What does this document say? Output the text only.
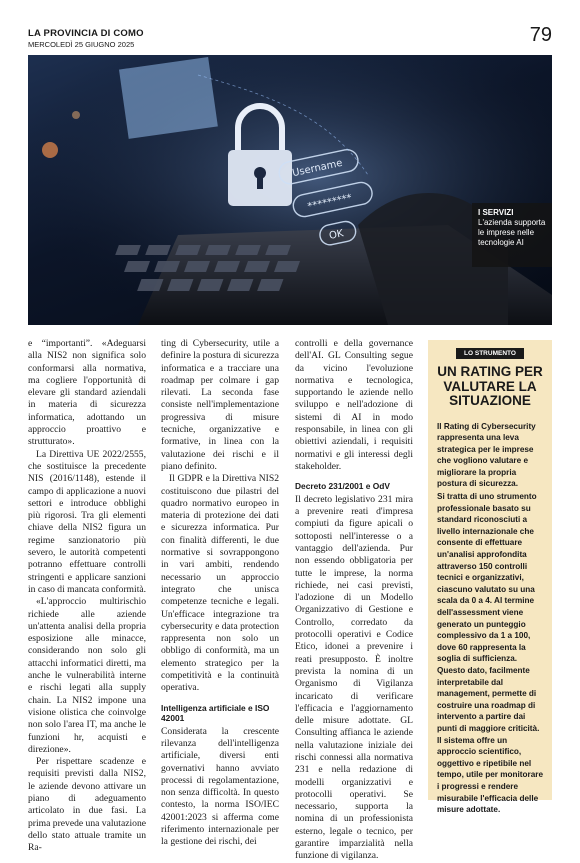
LA PROVINCIA DI COMO
MERCOLEDÌ 25 GIUGNO 2025	79
Username
*********
OK
I SERVIZI
L'azienda supporta le imprese nelle tecnologie AI

e “importanti”. «Adeguarsi alla NIS2 non significa solo conformarsi alla normativa, ma cogliere l'opportunità di elevare gli standard aziendali in materia di sicurezza informatica, adottando un approccio proattivo e strutturato».

La Direttiva UE 2022/2555, che sostituisce la precedente NIS (2016/1148), estende il campo di applicazione a nuovi settori e introduce obblighi più rigorosi. Tra gli elementi chiave della NIS2 figura un regime sanzionatorio più severo, le autorità competenti potranno effettuare controlli stringenti e applicare sanzioni in caso di mancata conformità.

«L'approccio multirischio richiede alle aziende un'attenta analisi della propria esposizione alle minacce, considerando non solo gli attacchi informatici diretti, ma anche le vulnerabilità interne e rischi legati alla supply chain. La NIS2 impone una visione olistica che coinvolge non solo l'area IT, ma anche le funzioni hr, acquisti e direzione».

Per rispettare scadenze e requisiti previsti dalla NIS2, le aziende devono attivare un piano di adeguamento articolato in due fasi. La prima prevede una valutazione dello stato attuale tramite un Ra-

ting di Cybersecurity, utile a definire la postura di sicurezza informatica e a tracciare una roadmap per colmare i gap rilevati. La seconda fase consiste nell'implementazione progressiva di misure tecniche, organizzative e formative, in linea con la valutazione dei rischi e il piano definito.

Il GDPR e la Direttiva NIS2 costituiscono due pilastri del quadro normativo europeo in materia di protezione dei dati e sicurezza informatica. Pur con finalità differenti, le due normative si sovrappongono in vari ambiti, rendendo necessario un approccio integrato che unisca competenze tecniche e legali. Un'efficace integrazione tra cybersecurity e data protection rappresenta non solo un obbligo di conformità, ma un elemento strategico per la competitività e la continuità operativa.

Intelligenza artificiale e ISO 42001

Considerata la crescente rilevanza dell'intelligenza artificiale, diversi enti governativi hanno avviato processi di regolamentazione, non senza difficoltà. In questo contesto, la norma ISO/IEC 42001:2023 si afferma come riferimento internazionale per la gestione dei rischi, dei

controlli e della governance dell'AI. GL Consulting segue da vicino l'evoluzione normativa e tecnologica, supportando le aziende nello sviluppo e nell'adozione di sistemi di AI in modo responsabile, in linea con gli obiettivi aziendali, i requisiti normativi e gli interessi degli stakeholder.

Decreto 231/2001 e OdV

Il decreto legislativo 231 mira a prevenire reati d'impresa compiuti da figure apicali o sottoposti nell'interesse o a vantaggio dell'azienda. Pur non essendo obbligatoria per tutte le imprese, la norma richiede, nei casi previsti, l'adozione di un Modello Organizzativo di Gestione e Controllo, corredato da protocolli operativi e Codice Etico, idonei a prevenire i reati presupposto. È inoltre prevista la nomina di un Organismo di Vigilanza incaricato di verificare l'efficacia e l'aggiornamento delle misure adottate. GL Consulting affianca le aziende nella valutazione iniziale dei rischi connessi alla normativa 231 e nella redazione di modelli organizzativi e protocolli operativi. Se necessario, supporta la nomina di un professionista esterno, legale o tecnico, per garantire imparzialità nella funzione di vigilanza.

LO STRUMENTO
UN RATING PER VALUTARE LA SITUAZIONE

Il Rating di Cybersecurity rappresenta una leva strategica per le imprese che vogliono valutare e migliorare la propria postura di sicurezza.

Si tratta di uno strumento professionale basato su standard riconosciuti a livello internazionale che consente di effettuare un'analisi approfondita attraverso 150 controlli tecnici e organizzativi, ciascuno valutato su una scala da 0 a 4. Al termine dell'assessment viene generato un punteggio complessivo da 1 a 100, dove 60 rappresenta la soglia di sufficienza. Questo dato, facilmente interpretabile dal management, permette di costruire una roadmap di intervento a partire dai punti di maggiore criticità. Il sistema offre un approccio scientifico, oggettivo e ripetibile nel tempo, utile per monitorare i progressi e rendere misurabile l'efficacia delle misure adottate.
